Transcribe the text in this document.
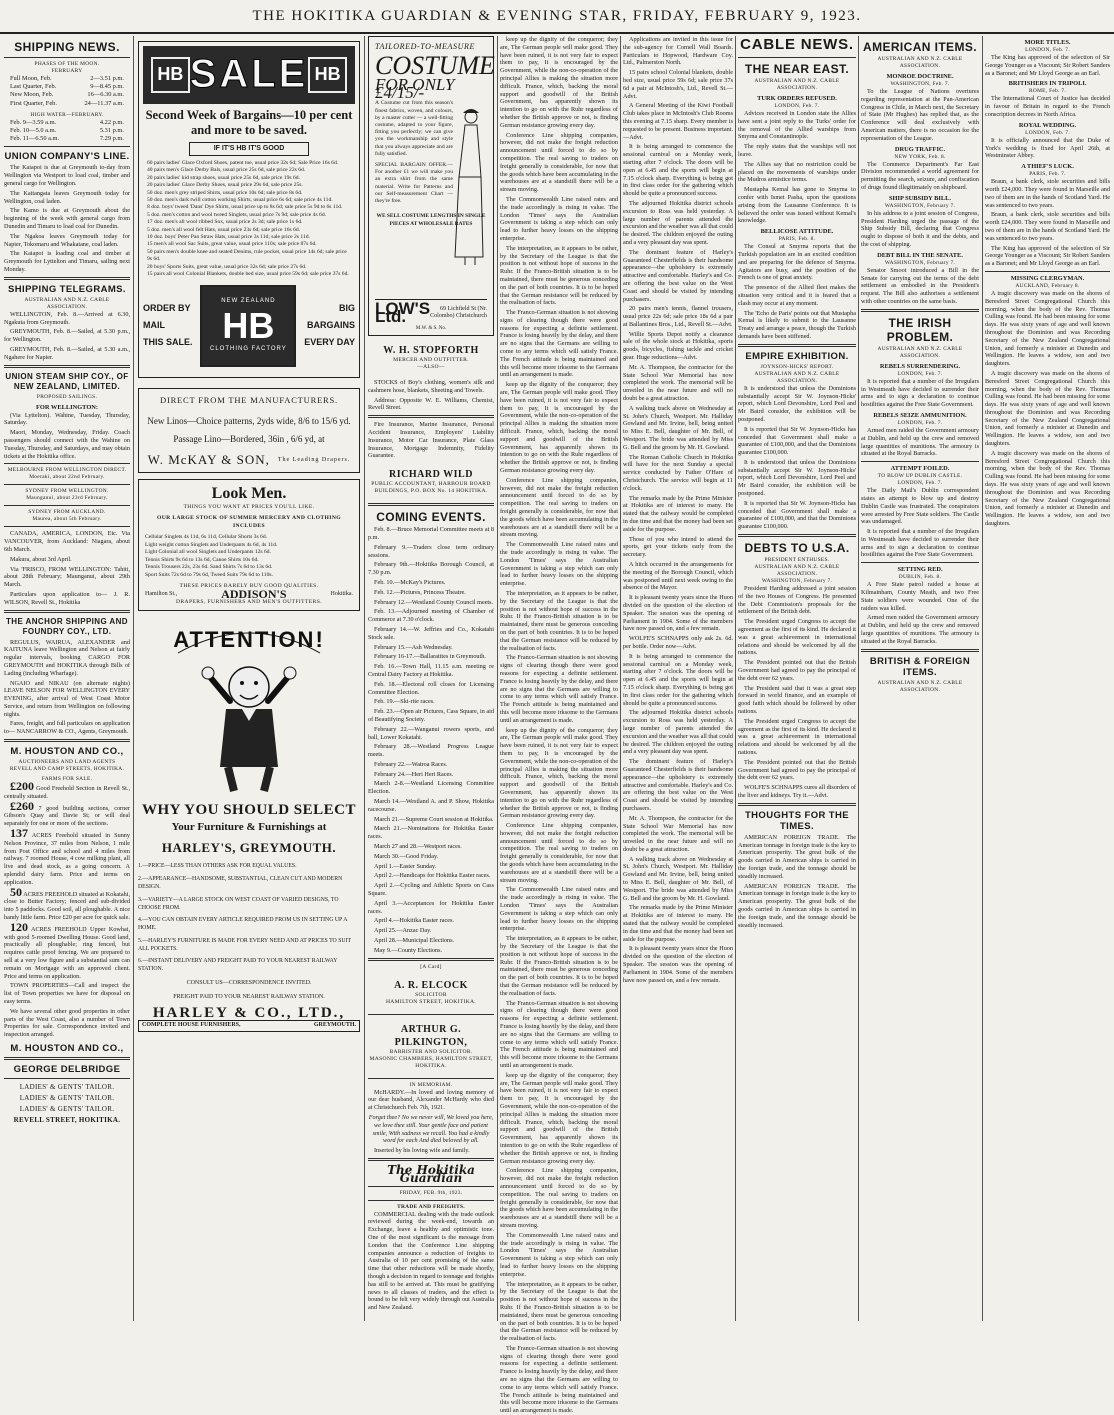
THE HOKITIKA GUARDIAN & EVENING STAR, FRIDAY, FEBRUARY 9, 1923.
SHIPPING NEWS.
PHASES OF THE MOON.
FEBRUARY
Full Moon, Feb.	2—3.51 p.m.
Last Quarter, Feb.	9—8.45 p.m.
New Moon, Feb.	16—6.30 a.m.
First Quarter, Feb.	24—11.37 a.m.
HIGH WATER—FEBRUARY.
Feb. 9—3.59 a.m.	4.22 p.m.
Feb. 10—5.0 a.m.	5.31 p.m.
Feb. 11—6.50 a.m.	7.29 p.m.
UNION COMPANY'S LINE.

The Kaiapoi is due at Greymouth to-day from Wellington via Westport to load coal, timber and general cargo for Wellington.

The Kaitangata leaves Greymouth today for Wellington, coal laden.

The Kamo is due at Greymouth about the beginning of the week with general cargo from Dunedin and Timaru to load coal for Dunedin.

The Ngakoa leaves Greymouth today for Napier, Tokomaru and Whakatane, coal laden.

The Kaiapoi is loading coal and timber at Greymouth for Lyttelton and Timaru, sailing next Monday.

SHIPPING TELEGRAMS.
AUSTRALIAN AND N.Z. CABLE ASSOCIATION.

WELLINGTON, Feb. 8.—Arrived at 6.30, Ngakuta from Greymouth.

GREYMOUTH, Feb. 8.—Sailed, at 5.30 p.m., for Wellington.

GREYMOUTH, Feb. 8.—Sailed, at 5.30 a.m., Ngahere for Napier.

UNION STEAM SHIP COY., OF NEW ZEALAND, LIMITED.
PROPOSED SAILINGS.
FOR WELLINGTON:

(Via Lyttelton). Wahine, Tuesday, Thursday, Saturday.

Maori, Monday, Wednesday, Friday. Coach passengers should connect with the Wahine on Tuesday, Thursday, and Saturdays, and may obtain tickets at the Hokitika office.

MELBOURNE FROM WELLINGTON DIRECT.
Moeraki, about 22nd February.
SYDNEY FROM WELLINGTON.
Maunganui, about 23rd February.
SYDNEY FROM AUCKLAND.
Maurea, about 5th February.

CANADA, AMERICA, LONDON, Etc. Via VANCOUVER, from Auckland: Niagara, about 6th March.

Makura, about 3rd April.

Via 'FRISCO, FROM WELLINGTON: Tahiti, about 28th February; Maunganui, about 29th March.

Particulars upon application to— J. R. WILSON, Revell St., Hokitika

THE ANCHOR SHIPPING AND FOUNDRY COY., LTD.

REGULUS, WAIRUA, ALEXANDER and KAITUNA leave Wellington and Nelson at fairly regular intervals, booking CARGO FOR GREYMOUTH and HOKITIKA through Bills of Lading (including Wharfage).

NGAIO and NIKAU (on alternate nights) LEAVE NELSON FOR WELLINGTON EVERY EVENING, after arrival of West Coast Motor Service, and return from Wellington on following nights.

Fares, freight, and full particulars on application to— NANCARROW & CO., Agents, Greymouth.

M. HOUSTON AND CO.,
AUCTIONEERS AND LAND AGENTS
REVELL AND CAMP STREETS, HOKITIKA.
FARMS FOR SALE.

£200 Good Freehold Section in Revell St., centrally situated.

£260 7 good building sections, corner Gibson's Quay and Davie St; or will deal separately for one or more of the sections.

137 ACRES Freehold situated in Sunny Nelson Province, 37 miles from Nelson, 1 mile from Post Office and school and 4 miles from railway. 7 roomed House, 4 cow milking plant, all live and dead stock, as a going concern. A splendid dairy farm. Price and terms on application.

50 ACRES FREEHOLD situated at Kokatahi, close to Butter Factory; fenced and sub-divided into 5 paddocks. Good soil, all ploughable. A nice handy little farm. Price £20 per acre for quick sale.

120 ACRES FREEHOLD Upper Kowhai, with good 5-roomed Dwelling House. Good land, practically all ploughable; ring fenced, but requires cattle proof fencing. We are prepared to sell at a very low figure and a substantial sum can remain on Mortgage with an approved client. Price and terms on application.

TOWN PROPERTIES—Call and inspect the list of Town properties we have for disposal on easy terms.

We have several other good properties in other parts of the West Coast, also a number of Town Properties for sale. Correspondence invited and inspection arranged.

M. HOUSTON AND CO.,
GEORGE DELBRIDGE
LADIES' & GENTS' TAILOR.
LADIES' & GENTS' TAILOR.
LADIES' & GENTS' TAILOR.
REVELL STREET, HOKITIKA.
HB SALE HB
Second Week of Bargains—10 per cent and more to be saved.
IF IT'S HB IT'S GOOD
60 pairs ladies' Glace Oxford Shoes, patent toe, usual price 32s 6d; Sale Price 16s 6d.
40 pairs men's Glace Derby Bals, usual price 25s 6d, sale price 22s 6d.
20 pairs ladies' kid strap shoes, usual price 25s 6d, sale price 19s 6d.
20 pairs ladies' Glace Derby Shoes, usual price 29s 6d, sale price 25s.
50 doz. men's grey striped Shirts, usual price 10s 6d; sale price 8s 6d.
50 doz. men's dark twill cotton working Shirts, usual price 6s 6d; sale price 4s 11d.
8 doz. boys' tweed 'Dans' Dye Shirts, usual price up to 8s 6d; sale price 5s 9d to 6s 11d.
5 doz. men's cotton and wool tweed Singlets, usual price 7s 9d; sale price 4s 6d.
17 doz. men's all wool ribbed Sox, usual price 2s 3d; sale price 1s 6d.
5 doz. men's all wool felt Hats, usual price 23s 6d; sale price 16s 6d.
10 doz. boys' Peter Pan Straw Hats, usual price 3s 11d; sale price 2s 11d.
15 men's all wool Sac Suits, great value, usual price 110s; sale price 87s 6d.
50 pairs men's double knee and seated Denims, rule pocket, usual price 14s 6d; sale price 9s 6d.
20 boys' Sports Suits, great value, usual price 32s 6d; sale price 27s 6d.
15 pairs all wool Colonial Blankets, double bed size, usual price 59s 6d; sale price 37s 6d.
ORDER BY
MAIL
THIS SALE.
NEW ZEALAND
HB
CLOTHING FACTORY
BIG
BARGAINS
EVERY DAY
DIRECT FROM THE MANUFACTURERS.
New Linos—Choice patterns, 2yds wide, 8/6 to 15/6 yd.
Passage Lino—Bordered, 36in , 6/6 yd, at
W. McKAY & SON, The Leading Drapers.
Look Men.
THINGS YOU WANT AT PRICES YOU'LL LIKE.
OUR LARGE STOCK OF SUMMER MERCERY AND CLOTHING INCLUDES
Cellular Singlets 4s 11d, 6s 11d, Cellular Shorts 3s 6d.
Light weight cotton Singlets and Underpants 4s 6d, 4s 11d.
Light Colonial all wool Singlets and Underpants 12s 6d.
Tennis Shirts 9s 6d to 13s 6d, Canoe Shirts 10s 6d.
Tennis Trousers 22s, 23s 6d. Sand Shirts 7s 6d to 13s 6d.
Sport Suits 72s 6d to 79s 6d, Tweed Suits 79s 6d to 110s.
THESE PRICES BARELY BUY GOOD QUALITIES.
Hamilton St.,	ADDISON'S	Hokitika.
DRAPERS, FURNISHERS AND MEN'S OUTFITTERS.
ATTENTION!
WHY YOU SHOULD SELECT
Your Furniture & Furnishings at
HARLEY'S, GREYMOUTH.
1.—PRICE—LESS THAN OTHERS ASK FOR EQUAL VALUES.
2.—APPEARANCE—HANDSOME, SUBSTANTIAL, CLEAN CUT AND MODERN DESIGN.
3.—VARIETY—A LARGE STOCK ON WEST COAST OF VARIED DESIGNS, TO CHOOSE FROM.
4.—YOU CAN OBTAIN EVERY ARTICLE REQUIRED FROM US IN SETTING UP A HOME.
5.—HARLEY'S FURNITURE IS MADE FOR EVERY NEED AND AT PRICES TO SUIT ALL POCKETS.
6.—INSTANT DELIVERY AND FREIGHT PAID TO YOUR NEAREST RAILWAY STATION.
CONSULT US—CORRESPONDENCE INVITED.
FREIGHT PAID TO YOUR NEAREST RAILWAY STATION.
HARLEY & CO., LTD.,
COMPLETE HOUSE FURNISHERS,	GREYMOUTH.
TAILORED-TO-MEASURE
COSTUME
FOR ONLY £4/15/-
A Costume cut from this season's finest fabrics, woven, and colours, by a master cutter — a well-fitting costume, adapted to your figure, fitting you perfectly; we can give you the workmanship and style that you always appreciate and are fully satisfied.
SPECIAL BARGAIN OFFER.—For another £1 we will make you an extra skirt from the same material. Write for Patterns and our Self-measurement Chart — they're free.
WE SELL COSTUME LENGTHS IN SINGLE PIECES AT WHOLESALE RATES
LOW'S Ltd.	69 Lichfield St (Nr. Colombo) Christchurch
M.W. & S. No.
W. H. STOPFORTH
MERCER AND OUTFITTER.
—ALSO—

STOCKS of Boy's clothing, women's silk and cashmere hose, blankets, Sheeting and Towels.

Address: Opposite W. E. Williams, Chemist, Revell Street.

Fire Insurance, Marine Insurance, Personal Accident Insurance, Employers' Liability Insurance, Motor Car Insurance, Plate Glass Insurance, Mortgage Indemnity, Fidelity Guarantee.

RICHARD WILD
PUBLIC ACCOUNTANT, HARBOUR BOARD BUILDINGS, P.O. BOX No. 14 HOKITIKA.
COMING EVENTS.

Feb. 8.—Bruce Memorial Committee meets at 8 p.m.

February 9.—Traders close term ordinary sessions.

February 9th.—Hokitika Borough Council, at 7.30 p.m.

Feb. 10.—McKay's Pictures.

Feb. 12.—Pictures, Princess Theatre.

February 12.—Westland County Council meets.

Feb. 13.—Adjourned meeting of Chamber of Commerce at 7.30 o'clock.

February 14.—W. Jeffries and Co., Kokatahi Stock sale.

February 15.—Ash Wednesday.

February 16-17.—Ballaratites in Greymouth.

Feb. 16.—Town Hall, 11.15 a.m. meeting re Central Dairy Factory at Hokitika.

Feb. 18.—Electoral roll closes for Licensing Committee Election.

Feb. 19.—Ski-rite races.

Feb. 23.—Open air Pictures, Cass Square, in aid of Beautifying Society.

February 22.—Wanganui rowers sports, and ball, Lower Kokatahi.

February 28.—Westland Progress League meets.

February 22.—Watroa Races.

February 24.—Heri Heri Races.

March 2-8.—Westland Licensing Committee Election.

March 14.—Westland A. and P. Show, Hokitika racecourse.

March 21.—Supreme Court session at Hokitika.

March 21.—Nominations for Hokitika Easter races.

March 27 and 28.—Westport races.

March 30.—Good Friday.

April 1.—Easter Sunday.

April 2.—Handicaps for Hokitika Easter races.

April 2.—Cycling and Athletic Sports on Cass Square.

April 3.—Acceptances for Hokitika Easter races.

April 4.—Hokitika Easter races.

April 25.—Anzac Day.

April 28.—Municipal Elections.

May 9.—County Elections.

[A Card]
A. R. ELCOCK
SOLICITOR
HAMILTON STREET, HOKITIKA.
ARTHUR G. PILKINGTON,
BARRISTER AND SOLICITOR.
MASONIC CHAMBERS, HAMILTON STREET, HOKITIKA.
IN MEMORIAM.

McHARDY.—In loved and loving memory of our dear husband, Alexander McHardy who died at Christchurch Feb. 7th, 1921.

Forget thee? No we never will, We loved you here, we love thee still. Your gentle face and patient smile, With sadness we recall. You had a kindly word for each And died beloved by all.

Inserted by his loving wife and family.

The Hokitika Guardian
FRIDAY, FEB. 9th, 1923.
TRADE AND FREIGHTS.

COMMERCIAL dealing with the trade outlook reviewed during the week-end, towards an Exchange, leave a healthy and optimistic tone. One of the most significant is the message from London that the Conference Line shipping companies announce a reduction of freights to Australia of 10 per cent promising of the same time that other reductions will be made shortly, though a decision in regard to tonnage and freights has still to be arrived at. This must be gratifying news to all classes of traders, and the effect is bound to be felt very widely through out Australia and New Zealand.

keep up the dignity of the conqueror; they are, The German people will make good. They have been ruined, it is not very fair to expect them to pay, It is encouraged by the Government, while the non-co-operation of the principal Allies is making the situation more difficult. France, which, backing the moral support and goodwill of the British Government, has apparently shown its intention to go on with the Ruhr regardless of whether the British approve or not, is finding German resistance growing every day.

Conference Line shipping companies, however, did not make the freight reduction announcement until forced to do so by competition. The real saving to traders on freight generally is considerable, for now that the goods which have been accumulating in the warehouses are at a standstill there will be a stream moving.

The Commonwealth Line raised rates and the trade accordingly is rising in value. The London 'Times' says the Australian Government is taking a step which can only lead to further heavy losses on the shipping enterprise.

The interpretation, as it appears to be rather, by the Secretary of the League is that the position is not without hope of success in the Ruhr. If the Franco-British situation is to be maintained, there must be generous conceding on the part of both countries. It is to be hoped that the German resistance will be reduced by the realisation of facts.

The Franco-German situation is not showing signs of clearing though there were good reasons for expecting a definite settlement. France is losing heavily by the delay, and there are no signs that the Germans are willing to come to any terms which will satisfy France. The French attitude is being maintained and this will become more irksome to the Germans until an arrangement is made.

keep up the dignity of the conqueror; they are, The German people will make good. They have been ruined, it is not very fair to expect them to pay, It is encouraged by the Government, while the non-co-operation of the principal Allies is making the situation more difficult. France, which, backing the moral support and goodwill of the British Government, has apparently shown its intention to go on with the Ruhr regardless of whether the British approve or not, is finding German resistance growing every day.

Conference Line shipping companies, however, did not make the freight reduction announcement until forced to do so by competition. The real saving to traders on freight generally is considerable, for now that the goods which have been accumulating in the warehouses are at a standstill there will be a stream moving.

The Commonwealth Line raised rates and the trade accordingly is rising in value. The London 'Times' says the Australian Government is taking a step which can only lead to further heavy losses on the shipping enterprise.

The interpretation, as it appears to be rather, by the Secretary of the League is that the position is not without hope of success in the Ruhr. If the Franco-British situation is to be maintained, there must be generous conceding on the part of both countries. It is to be hoped that the German resistance will be reduced by the realisation of facts.

The Franco-German situation is not showing signs of clearing though there were good reasons for expecting a definite settlement. France is losing heavily by the delay, and there are no signs that the Germans are willing to come to any terms which will satisfy France. The French attitude is being maintained and this will become more irksome to the Germans until an arrangement is made.

keep up the dignity of the conqueror; they are, The German people will make good. They have been ruined, it is not very fair to expect them to pay, It is encouraged by the Government, while the non-co-operation of the principal Allies is making the situation more difficult. France, which, backing the moral support and goodwill of the British Government, has apparently shown its intention to go on with the Ruhr regardless of whether the British approve or not, is finding German resistance growing every day.

Conference Line shipping companies, however, did not make the freight reduction announcement until forced to do so by competition. The real saving to traders on freight generally is considerable, for now that the goods which have been accumulating in the warehouses are at a standstill there will be a stream moving.

The Commonwealth Line raised rates and the trade accordingly is rising in value. The London 'Times' says the Australian Government is taking a step which can only lead to further heavy losses on the shipping enterprise.

The interpretation, as it appears to be rather, by the Secretary of the League is that the position is not without hope of success in the Ruhr. If the Franco-British situation is to be maintained, there must be generous conceding on the part of both countries. It is to be hoped that the German resistance will be reduced by the realisation of facts.

The Franco-German situation is not showing signs of clearing though there were good reasons for expecting a definite settlement. France is losing heavily by the delay, and there are no signs that the Germans are willing to come to any terms which will satisfy France. The French attitude is being maintained and this will become more irksome to the Germans until an arrangement is made.

keep up the dignity of the conqueror; they are, The German people will make good. They have been ruined, it is not very fair to expect them to pay, It is encouraged by the Government, while the non-co-operation of the principal Allies is making the situation more difficult. France, which, backing the moral support and goodwill of the British Government, has apparently shown its intention to go on with the Ruhr regardless of whether the British approve or not, is finding German resistance growing every day.

Conference Line shipping companies, however, did not make the freight reduction announcement until forced to do so by competition. The real saving to traders on freight generally is considerable, for now that the goods which have been accumulating in the warehouses are at a standstill there will be a stream moving.

The Commonwealth Line raised rates and the trade accordingly is rising in value. The London 'Times' says the Australian Government is taking a step which can only lead to further heavy losses on the shipping enterprise.

The interpretation, as it appears to be rather, by the Secretary of the League is that the position is not without hope of success in the Ruhr. If the Franco-British situation is to be maintained, there must be generous conceding on the part of both countries. It is to be hoped that the German resistance will be reduced by the realisation of facts.

The Franco-German situation is not showing signs of clearing though there were good reasons for expecting a definite settlement. France is losing heavily by the delay, and there are no signs that the Germans are willing to come to any terms which will satisfy France. The French attitude is being maintained and this will become more irksome to the Germans until an arrangement is made.

Applications are invited in this issue for the sub-agency for Cornell Wall Boards. Particulars to Hopwood, Hardware Coy. Ltd., Palmerston North.

15 pairs school Colonial blankets, double bed size, usual price 59s 6d; sale price 37s 6d a pair at McIntosh's, Ltd., Revell St.—Advt.

A General Meeting of the Kiwi Football Club takes place in McIntosh's Club Rooms this evening at 7.15 sharp. Every member is requested to be present. Business important.—Advt.

It is being arranged to commence the sessional carnival on a Monday week, starting after 7 o'clock. The doors will be open at 6.45 and the sports will begin at 7.15 o'clock sharp. Everything is being got in first class order for the gathering which should be quite a pronounced success.

The adjourned Hokitika district schools excursion to Ross was held yesterday. A large number of parents attended the excursion and the weather was all that could be desired. The children enjoyed the outing and a very pleasant day was spent.

The dominant feature of Harley's Guaranteed Chesterfields is their handsome appearance—the upholstery is extremely attractive and comfortable. Harley's and Co. are offering the best value on the West Coast and should be visited by intending purchasers.

20 pairs men's tennis, flannel trousers, usual price 22s 6d; sale price 18s 6d a pair at Ballantines Bros., Ltd., Revell St.—Advt.

Willie Sports Depot notify a clearance sale of the whole stock at Hokitika, sports goods, bicycles, fishing tackle and cricket gear. Huge reductions—Advt.

Mr. A. Thompson, the contractor for the State School War Memorial has now completed the work. The memorial will be unveiled in the near future and will no doubt be a great attraction.

A walking track above on Wednesday at St. John's Church, Westport. Mr. Halliday Gowland and Mr. Irvine, bell, being united to Miss E. Bell, daughter of Mr. Bell, of Westport. The bride was attended by Miss G. Bell and the groom by Mr. H. Gowland.

The Roman Catholic Church in Hokitika will have for the next Sunday a special service conducted by Father O'Hare of Christchurch. The service will begin at 11 o'clock.

The remarks made by the Prime Minister at Hokitika are of interest to many. He stated that the railway would be completed in due time and that the money had been set aside for the purpose.

Those of you who intend to attend the sports, get your tickets early from the secretary.

A hitch occurred in the arrangements for the meeting of the Borough Council, which was postponed until next week owing to the absence of the Mayor.

It is pleasant twenty years since the Huon divided on the question of the election of Speaker. The session was the opening of Parliament in 1904. Some of the members have now passed on, and a few remain.

WOLFE'S SCHNAPPS only ask 2s. 6d. per bottle. Order now—Advt.

It is being arranged to commence the sessional carnival on a Monday week, starting after 7 o'clock. The doors will be open at 6.45 and the sports will begin at 7.15 o'clock sharp. Everything is being got in first class order for the gathering which should be quite a pronounced success.

The adjourned Hokitika district schools excursion to Ross was held yesterday. A large number of parents attended the excursion and the weather was all that could be desired. The children enjoyed the outing and a very pleasant day was spent.

The dominant feature of Harley's Guaranteed Chesterfields is their handsome appearance—the upholstery is extremely attractive and comfortable. Harley's and Co. are offering the best value on the West Coast and should be visited by intending purchasers.

Mr. A. Thompson, the contractor for the State School War Memorial has now completed the work. The memorial will be unveiled in the near future and will no doubt be a great attraction.

A walking track above on Wednesday at St. John's Church, Westport. Mr. Halliday Gowland and Mr. Irvine, bell, being united to Miss E. Bell, daughter of Mr. Bell, of Westport. The bride was attended by Miss G. Bell and the groom by Mr. H. Gowland.

The remarks made by the Prime Minister at Hokitika are of interest to many. He stated that the railway would be completed in due time and that the money had been set aside for the purpose.

It is pleasant twenty years since the Huon divided on the question of the election of Speaker. The session was the opening of Parliament in 1904. Some of the members have now passed on, and a few remain.

CABLE NEWS.
THE NEAR EAST.
AUSTRALIAN AND N.Z. CABLE ASSOCIATION.
TURK ORDERS REFUSED.
LONDON, Feb. 7.

Advices received in London state the Allies have sent a joint reply to the Turks' order for the removal of the Allied warships from Smyrna and Constantinople.

The reply states that the warships will not leave.

The Allies say that no restriction could be placed on the movements of warships under the Mudros armistice terms.

Mustapha Kemal has gone to Smyrna to confer with Ismet Pasha, upon the questions arising from the Lausanne Conference. It is believed the order was issued without Kemal's knowledge.

BELLICOSE ATTITUDE.
PARIS, Feb. 8.

The Consul at Smyrna reports that the Turkish population are in an excited condition and are preparing for the defence of Smyrna. Agitators are busy, and the position of the French is one of great anxiety.

The presence of the Allied fleet makes the situation very critical and it is feared that a clash may occur at any moment.

The 'Echo de Paris' points out that Mustapha Kemal is likely to submit to the Lausanne Treaty and arrange a peace, though the Turkish demands have been stiffened.

EMPIRE EXHIBITION.
JOYNSON-HICKS' REPORT.
AUSTRALIAN AND N.Z. CABLE ASSOCIATION.

It is understood that unless the Dominions substantially accept Sir W. Joynson-Hicks' report, which Lord Devonshire, Lord Peel and Mr Baird consider, the exhibition will be postponed.

It is reported that Sir W. Joynson-Hicks has conceded that Government shall make a guarantee of £100,000, and that the Dominions guarantee £100,000.

It is understood that unless the Dominions substantially accept Sir W. Joynson-Hicks' report, which Lord Devonshire, Lord Peel and Mr Baird consider, the exhibition will be postponed.

It is reported that Sir W. Joynson-Hicks has conceded that Government shall make a guarantee of £100,000, and that the Dominions guarantee £100,000.

DEBTS TO U.S.A.
PRESIDENT ENTHUSES.
AUSTRALIAN AND N.Z. CABLE ASSOCIATION.
WASHINGTON, February 7.

President Harding addressed a joint session of the two Houses of Congress. He presented the Debt Commission's proposals for the settlement of the British debt.

The President urged Congress to accept the agreement as the first of its kind. He declared it was a great achievement in international relations and should be welcomed by all the nations.

The President pointed out that the British Government had agreed to pay the principal of the debt over 62 years.

The President said that it was a great step forward in world finance, and an example of good faith which should be followed by other nations.

The President urged Congress to accept the agreement as the first of its kind. He declared it was a great achievement in international relations and should be welcomed by all the nations.

The President pointed out that the British Government had agreed to pay the principal of the debt over 62 years.

WOLFE'S SCHNAPPS cures all disorders of the liver and kidneys. Try it.—Advt.

THOUGHTS FOR THE TIMES.

AMERICAN FOREIGN TRADE. The American tonnage in foreign trade is the key to American prosperity. The great bulk of the goods carried in American ships is carried in the foreign trade, and the tonnage should be steadily increased.

AMERICAN FOREIGN TRADE. The American tonnage in foreign trade is the key to American prosperity. The great bulk of the goods carried in American ships is carried in the foreign trade, and the tonnage should be steadily increased.

AMERICAN ITEMS.
AUSTRALIAN AND N.Z. CABLE ASSOCIATION.
MONROE DOCTRINE.
WASHINGTON, Feb. 7.

To the League of Nations overtures regarding representation at the Pan-American Congress in Chile, in March next, the Secretary of State (Mr Hughes) has replied that, as the Conference will deal exclusively with American matters, there is no occasion for the representation of the League.

DRUG TRAFFIC.
NEW YORK, Feb. 8.

The Commerce Department's Far East Division recommended a world agreement for permitting the search, seizure, and confiscation of drugs found illegitimately on shipboard.

SHIP SUBSIDY BILL.
WASHINGTON, February 7.

In his address to a joint session of Congress, President Harding urged the passage of the Ship Subsidy Bill, declaring that Congress ought to dispose of both it and the debts, and the cost of shipping.

DEBT BILL IN THE SENATE.
WASHINGTON, February 7.

Senator Smoot introduced a Bill in the Senate for carrying out the terms of the debt settlement as embodied in the President's request. The Bill also authorises a settlement with other countries on the same basis.

THE IRISH PROBLEM.
AUSTRALIAN AND N.Z. CABLE ASSOCIATION.
REBELS SURRENDERING.
LONDON, Feb. 7.

It is reported that a number of the Irregulars in Westmeath have decided to surrender their arms and to sign a declaration to continue hostilities against the Free State Government.

REBELS SEIZE AMMUNITION.
LONDON, Feb. 7.

Armed men raided the Government armoury at Dublin, and held up the crew and removed large quantities of munitions. The armoury is situated at the Royal Barracks.

ATTEMPT FOILED.
TO BLOW UP DUBLIN CASTLE.
LONDON, Feb. 7.

The Daily Mail's Dublin correspondent states an attempt to blow up and destroy Dublin Castle was frustrated. The conspirators were arrested by Free State soldiers. The Castle was undamaged.

It is reported that a number of the Irregulars in Westmeath have decided to surrender their arms and to sign a declaration to continue hostilities against the Free State Government.

SETTING RED.
DUBLIN, Feb. 8.

A Free State patrol raided a house at Kilmainham, County Meath, and two Free State soldiers were wounded. One of the raiders was killed.

Armed men raided the Government armoury at Dublin, and held up the crew and removed large quantities of munitions. The armoury is situated at the Royal Barracks.

BRITISH & FOREIGN ITEMS.
AUSTRALIAN AND N.Z. CABLE ASSOCIATION.
MORE TITLES.
LONDON, Feb. 7.

The King has approved of the selection of Sir George Younger as a Viscount; Sir Robert Sanders as a Baronet; and Mr Lloyd George as an Earl.

BRITISHERS IN TRIPOLI.
ROME, Feb. 7.

The International Court of Justice has decided in favour of Britain in regard to the French conscription decrees in North Africa.

ROYAL WEDDING.
LONDON, Feb. 7.

It is officially announced that the Duke of York's wedding is fixed for April 26th, at Westminster Abbey.

A THIEF'S LUCK.
PARIS, Feb. 7.

Braun, a bank clerk, stole securities and bills worth £24,000. They were found in Marseille and two of them are in the hands of Scotland Yard. He was sentenced to two years.

Braun, a bank clerk, stole securities and bills worth £24,000. They were found in Marseille and two of them are in the hands of Scotland Yard. He was sentenced to two years.

The King has approved of the selection of Sir George Younger as a Viscount; Sir Robert Sanders as a Baronet; and Mr Lloyd George as an Earl.

MISSING CLERGYMAN.
AUCKLAND, February 8.

A tragic discovery was made on the shores of Beresford Street Congregational Church this morning, when the body of the Rev. Thomas Culling was found. He had been missing for some days. He was sixty years of age and well known throughout the Dominion and was Recording Secretary of the New Zealand Congregational Union, and formerly a minister at Dunedin and Wellington. He leaves a widow, son and two daughters.

A tragic discovery was made on the shores of Beresford Street Congregational Church this morning, when the body of the Rev. Thomas Culling was found. He had been missing for some days. He was sixty years of age and well known throughout the Dominion and was Recording Secretary of the New Zealand Congregational Union, and formerly a minister at Dunedin and Wellington. He leaves a widow, son and two daughters.

A tragic discovery was made on the shores of Beresford Street Congregational Church this morning, when the body of the Rev. Thomas Culling was found. He had been missing for some days. He was sixty years of age and well known throughout the Dominion and was Recording Secretary of the New Zealand Congregational Union, and formerly a minister at Dunedin and Wellington. He leaves a widow, son and two daughters.
